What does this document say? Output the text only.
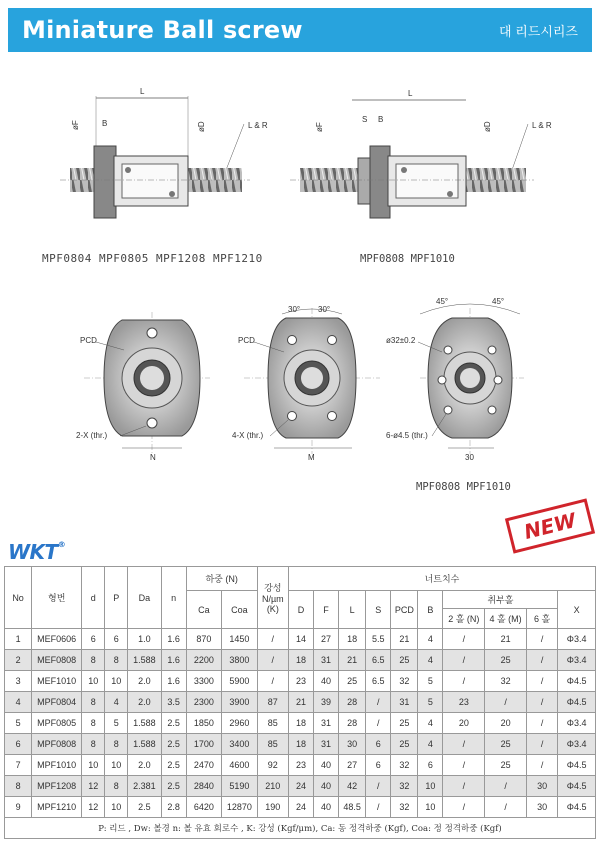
Miniature Ball screw	대 리드시리즈
L
B
øF	øD	L & R
MPF0804 MPF0805 MPF1208 MPF1210
L
S B
øF	øD	L & R
MPF0808 MPF1010
PCD
2-X (thr.)
N
30° 30°
PCD
4-X (thr.)
M
45°	45°
ø32±0.2
6-ø4.5 (thr.)
30
MPF0808 MPF1010
NEW
WKT®
No	형번	d	P	Da	n	하중 (N)		강성
N/µm
(K)	너트치수									
						Ca	Coa		D	F	L	S	PCD	B	취부홀			X
															2 홀 (N)	4 홀 (M)	6 홀	
1	MEF0606	6	6	1.0	1.6	870	1450	/	14	27	18	5.5	21	4	/	21	/	Φ3.4
2	MEF0808	8	8	1.588	1.6	2200	3800	/	18	31	21	6.5	25	4	/	25	/	Φ3.4
3	MEF1010	10	10	2.0	1.6	3300	5900	/	23	40	25	6.5	32	5	/	32	/	Φ4.5
4	MPF0804	8	4	2.0	3.5	2300	3900	87	21	39	28	/	31	5	23	/	/	Φ4.5
5	MPF0805	8	5	1.588	2.5	1850	2960	85	18	31	28	/	25	4	20	20	/	Φ3.4
6	MPF0808	8	8	1.588	2.5	1700	3400	85	18	31	30	6	25	4	/	25	/	Φ3.4
7	MPF1010	10	10	2.0	2.5	2470	4600	92	23	40	27	6	32	6	/	25	/	Φ4.5
8	MPF1208	12	8	2.381	2.5	2840	5190	210	24	40	42	/	32	10	/	/	30	Φ4.5
9	MPF1210	12	10	2.5	2.8	6420	12870	190	24	40	48.5	/	32	10	/	/	30	Φ4.5
P: 리드 , Dw: 볼경 n: 볼 유효 회로수 , K: 강성 (Kgf/μm), Ca: 동 정격하중 (Kgf), Coa: 정 정격하중 (Kgf)																		
